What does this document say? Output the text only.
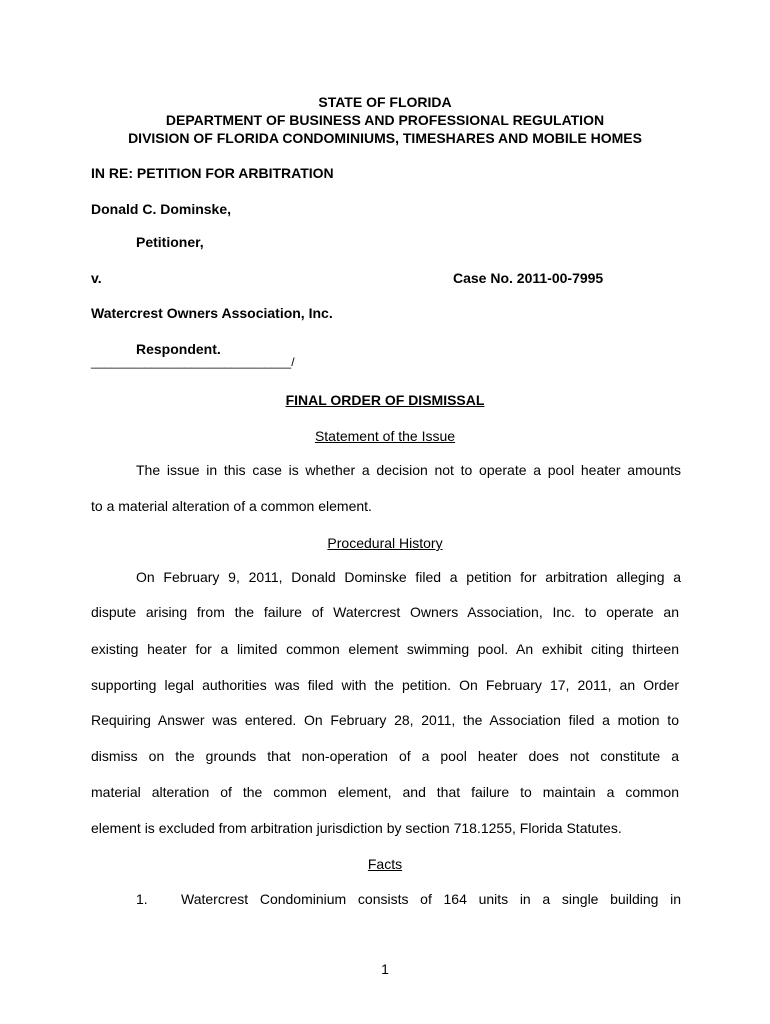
STATE OF FLORIDA
DEPARTMENT OF BUSINESS AND PROFESSIONAL REGULATION
DIVISION OF FLORIDA CONDOMINIUMS, TIMESHARES AND MOBILE HOMES
IN RE: PETITION FOR ARBITRATION
Donald C. Dominske,
Petitioner,
v.	Case No. 2011-00-7995
Watercrest Owners Association, Inc.
Respondent.
______________________________/
FINAL ORDER OF DISMISSAL
Statement of the Issue
The issue in this case is whether a decision not to operate a pool heater amounts
to a material alteration of a common element.
Procedural History
On February 9, 2011, Donald Dominske filed a petition for arbitration alleging a
dispute arising from the failure of Watercrest Owners Association, Inc. to operate an
existing heater for a limited common element swimming pool. An exhibit citing thirteen
supporting legal authorities was filed with the petition. On February 17, 2011, an Order
Requiring Answer was entered. On February 28, 2011, the Association filed a motion to
dismiss on the grounds that non-operation of a pool heater does not constitute a
material alteration of the common element, and that failure to maintain a common
element is excluded from arbitration jurisdiction by section 718.1255, Florida Statutes.
Facts
1. Watercrest Condominium consists of 164 units in a single building in
1
